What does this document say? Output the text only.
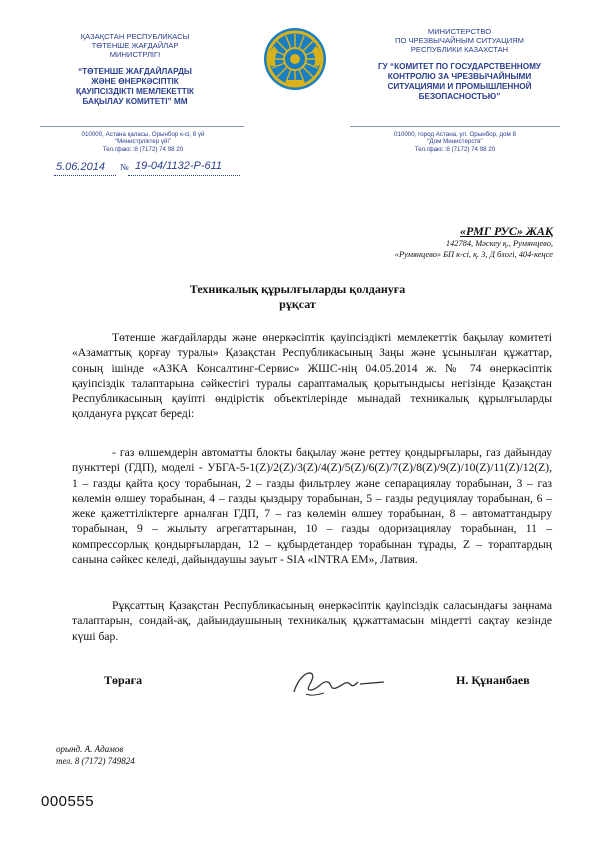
ҚАЗАҚСТАН РЕСПУБЛИКАСЫ
ТӨТЕНШЕ ЖАҒДАЙЛАР
МИНИСТРЛІГІ
“ТӨТЕНШЕ ЖАҒДАЙЛАРДЫ
ЖӘНЕ ӨНЕРКӘСІПТІК
ҚАУІПСІЗДІКТІ МЕМЛЕКЕТТІК
БАҚЫЛАУ КОМИТЕТІ” ММ
МИНИСТЕРСТВО
ПО ЧРЕЗВЫЧАЙНЫМ СИТУАЦИЯМ
РЕСПУБЛИКИ КАЗАХСТАН
ГУ “КОМИТЕТ ПО ГОСУДАРСТВЕННОМУ
КОНТРОЛЮ ЗА ЧРЕЗВЫЧАЙНЫМИ
СИТУАЦИЯМИ И ПРОМЫШЛЕННОЙ
БЕЗОПАСНОСТЬЮ”
010000, Астана қаласы, Орынбор к-сі, 8 үй
“Министрліктер үйі”
Тел./факс :8 (7172) 74 98 20
010000, город Астана, ул. Орынбор, дом 8
“Дом Министерств”
Тел./факс :8 (7172) 74 98 20
5.06.2014 № 19-04/1132-Р-611
«РМГ РУС» ЖАҚ
142784, Мәскеу қ., Румянцево,
«Румянцево» БП к-сі, қ. 3, Д блогі, 404-кеңсе
Техникалық құрылғыларды қолдануға
рұқсат

Төтенше жағдайларды және өнеркәсіптік қауіпсіздікті мемлекеттік бақылау комитеті «Азаматтық қорғау туралы» Қазақстан Республикасының Заңы және ұсынылған құжаттар, соның ішінде «АЗКА Консалтинг-Сервис» ЖШС-нің 04.05.2014 ж. № 74 өнеркәсіптік қауіпсіздік талаптарына сәйкестігі туралы сараптамалық қорытындысы негізінде Қазақстан Республикасының қауіпті өндірістік объектілерінде мынадай техникалық құрылғыларды қолдануға рұқсат береді:

- газ өлшемдерін автоматты блокты бақылау және реттеу қондырғылары, газ дайындау пункттері (ГДП), моделі - УБГА-5-1(Z)/2(Z)/3(Z)/4(Z)/5(Z)/6(Z)/7(Z)/8(Z)/9(Z)/10(Z)/11(Z)/12(Z), 1 – газды қайта қосу торабынан, 2 – газды фильтрлеу және сепарациялау торабынан, 3 – газ көлемін өлшеу торабынан, 4 – газды қыздыру торабынан, 5 – газды редуциялау торабынан, 6 – жеке қажеттіліктерге арналған ГДП, 7 – газ көлемін өлшеу торабынан, 8 – автоматтандыру торабынан, 9 – жылыту агрегаттарынан, 10 – газды одоризациялау торабынан, 11 – компрессорлық қондырғылардан, 12 – құбырдетандер торабынан тұрады, Z – тораптардың санына сәйкес келеді, дайындаушы зауыт - SIA «INTRA EM», Латвия.

Рұқсаттың Қазақстан Республикасының өнеркәсіптік қауіпсіздік саласындағы заңнама талаптарын, сондай-ақ, дайындаушының техникалық құжаттамасын міндетті сақтау кезінде күші бар.

Төраға	Н. Құнанбаев
орынд. А. Адамов
тел. 8 (7172) 749824
000555
